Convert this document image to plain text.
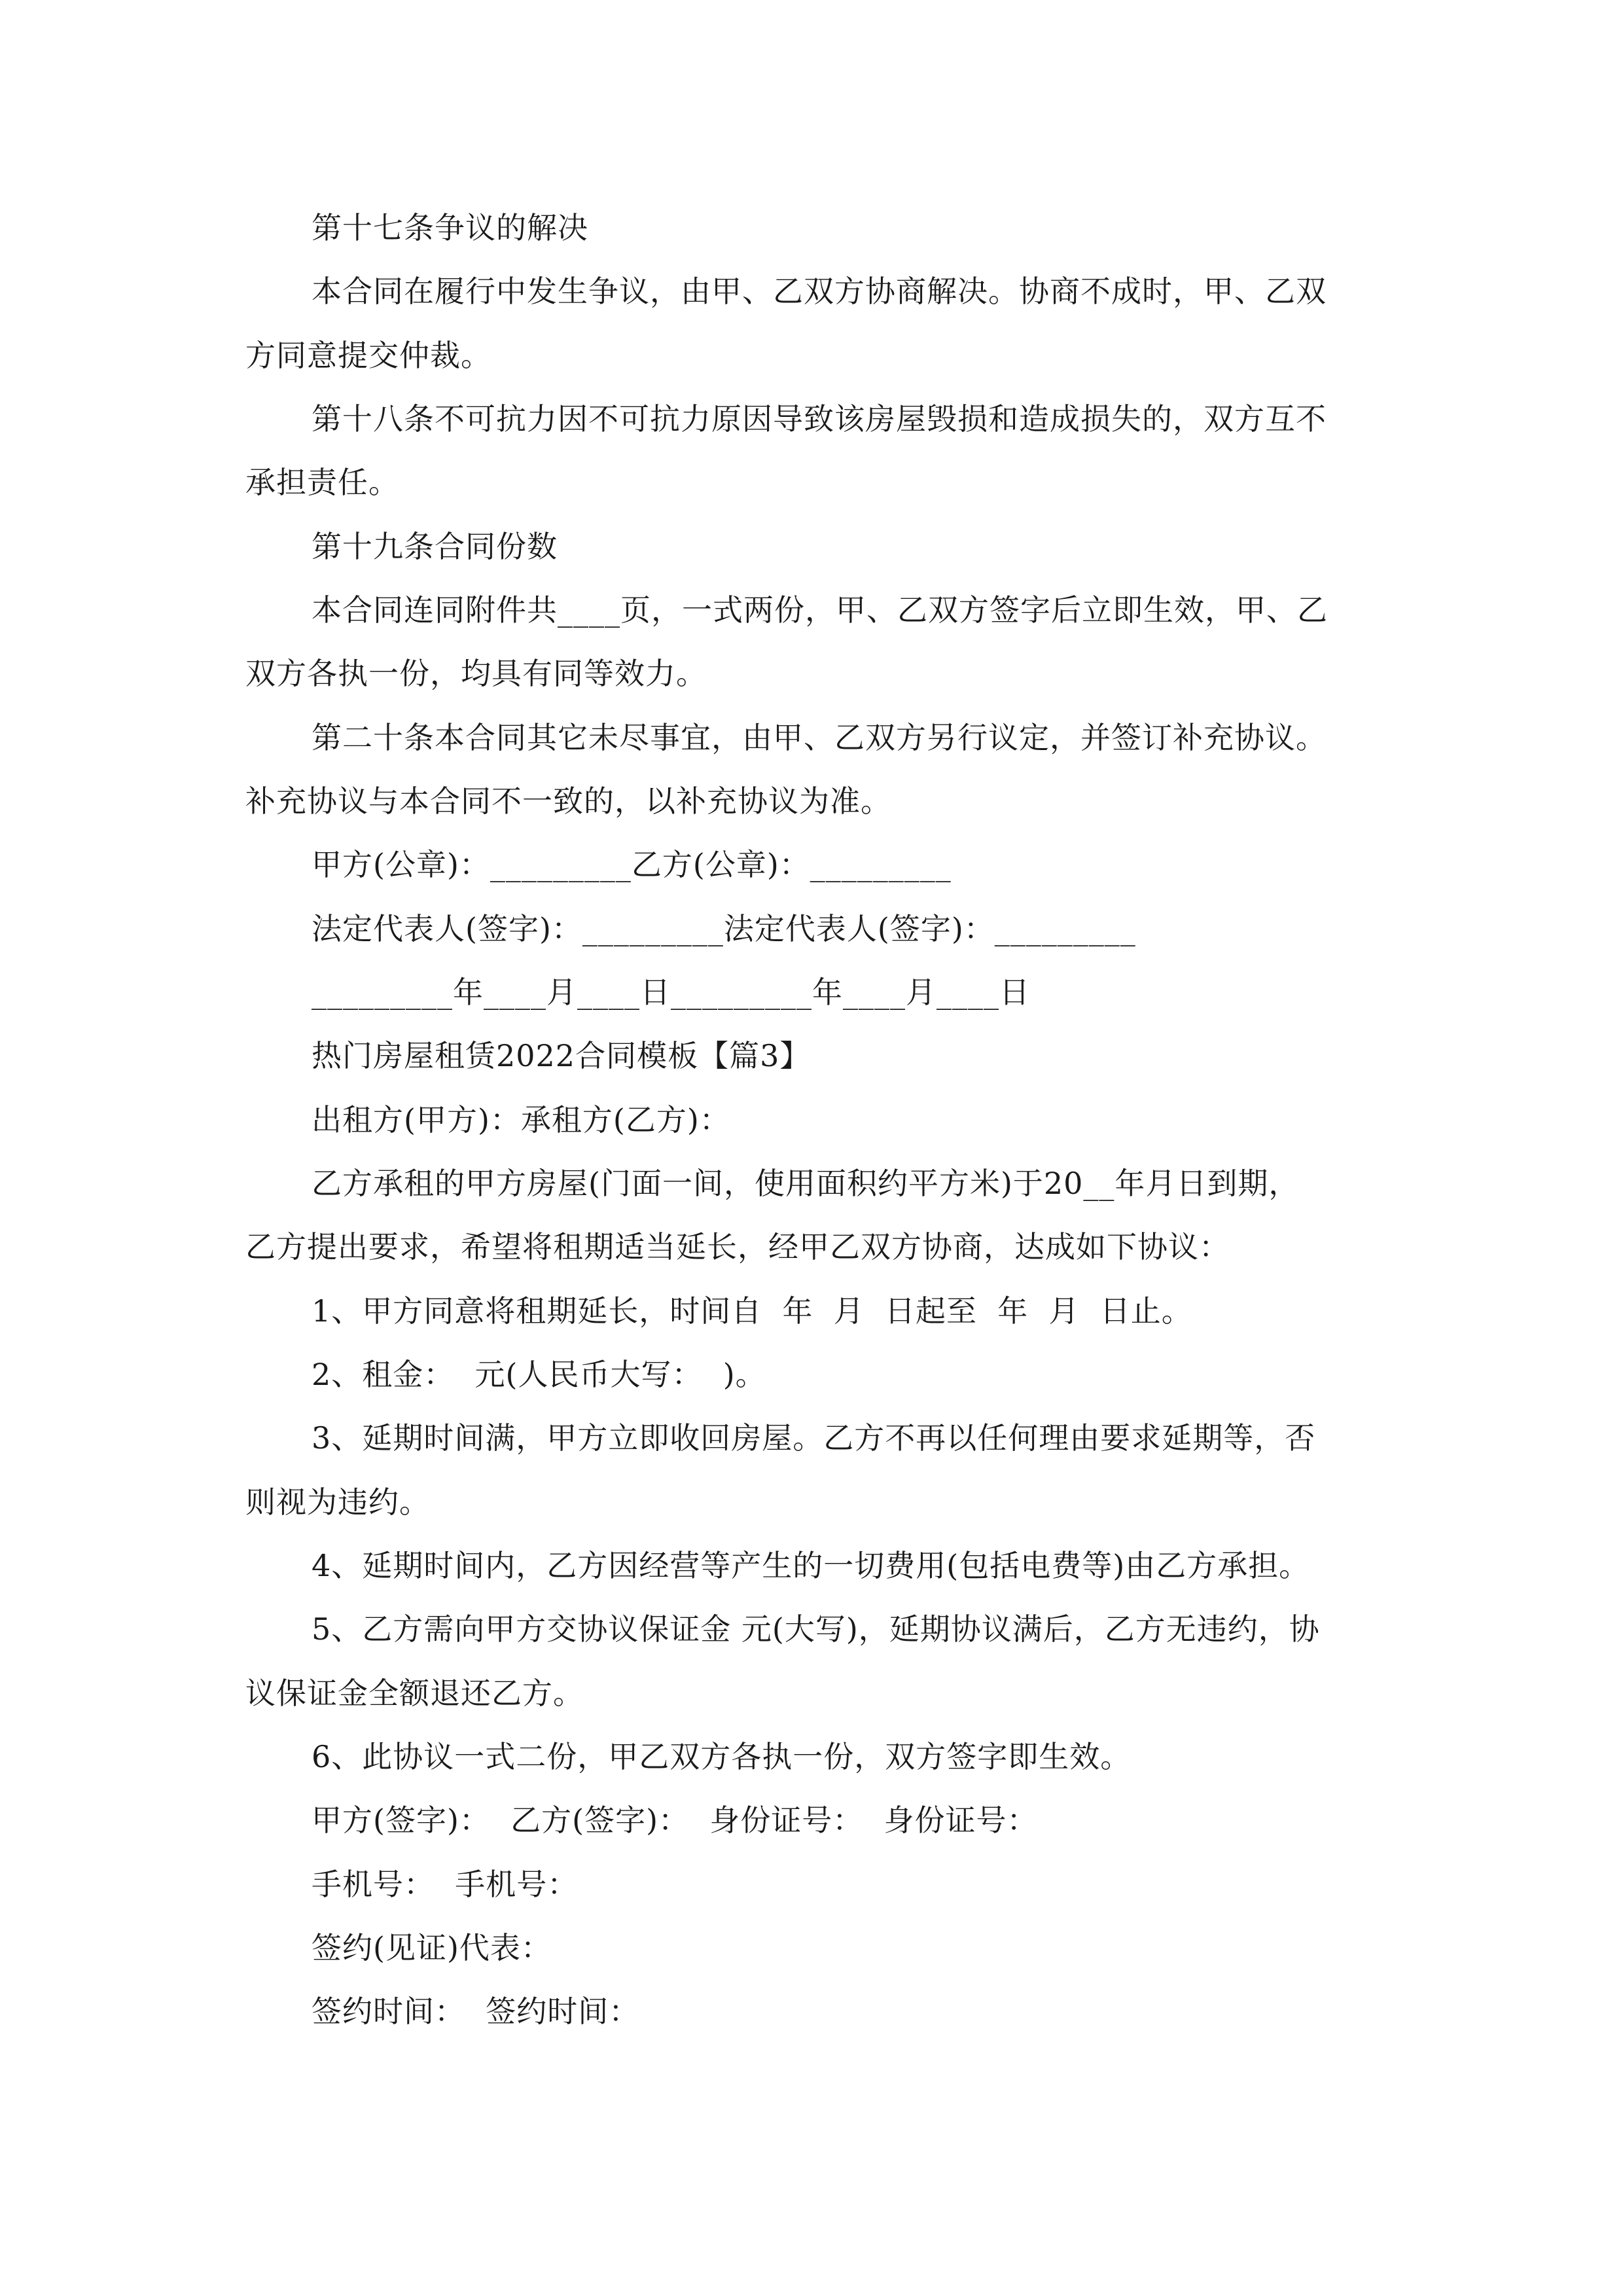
第十七条争议的解决
本合同在履行中发生争议，由甲、乙双方协商解决。协商不成时，甲、乙双
方同意提交仲裁。
第十八条不可抗力因不可抗力原因导致该房屋毁损和造成损失的，双方互不
承担责任。
第十九条合同份数
本合同连同附件共____页，一式两份，甲、乙双方签字后立即生效，甲、乙
双方各执一份，均具有同等效力。
第二十条本合同其它未尽事宜，由甲、乙双方另行议定，并签订补充协议。
补充协议与本合同不一致的，以补充协议为准。
甲方(公章)：_________乙方(公章)：_________
法定代表人(签字)：_________法定代表人(签字)：_________
_________年____月____日_________年____月____日
热门房屋租赁2022合同模板【篇3】
出租方(甲方)：承租方(乙方)：
乙方承租的甲方房屋(门面一间，使用面积约平方米)于20__年月日到期，
乙方提出要求，希望将租期适当延长，经甲乙双方协商，达成如下协议：
1、甲方同意将租期延长，时间自  年  月  日起至  年  月  日止。
2、租金：  元(人民币大写：  )。
3、延期时间满，甲方立即收回房屋。乙方不再以任何理由要求延期等，否
则视为违约。
4、延期时间内，乙方因经营等产生的一切费用(包括电费等)由乙方承担。
5、乙方需向甲方交协议保证金 元(大写)，延期协议满后，乙方无违约，协
议保证金全额退还乙方。
6、此协议一式二份，甲乙双方各执一份，双方签字即生效。
甲方(签字)：  乙方(签字)：  身份证号：  身份证号：
手机号：  手机号：
签约(见证)代表：
签约时间：  签约时间：
